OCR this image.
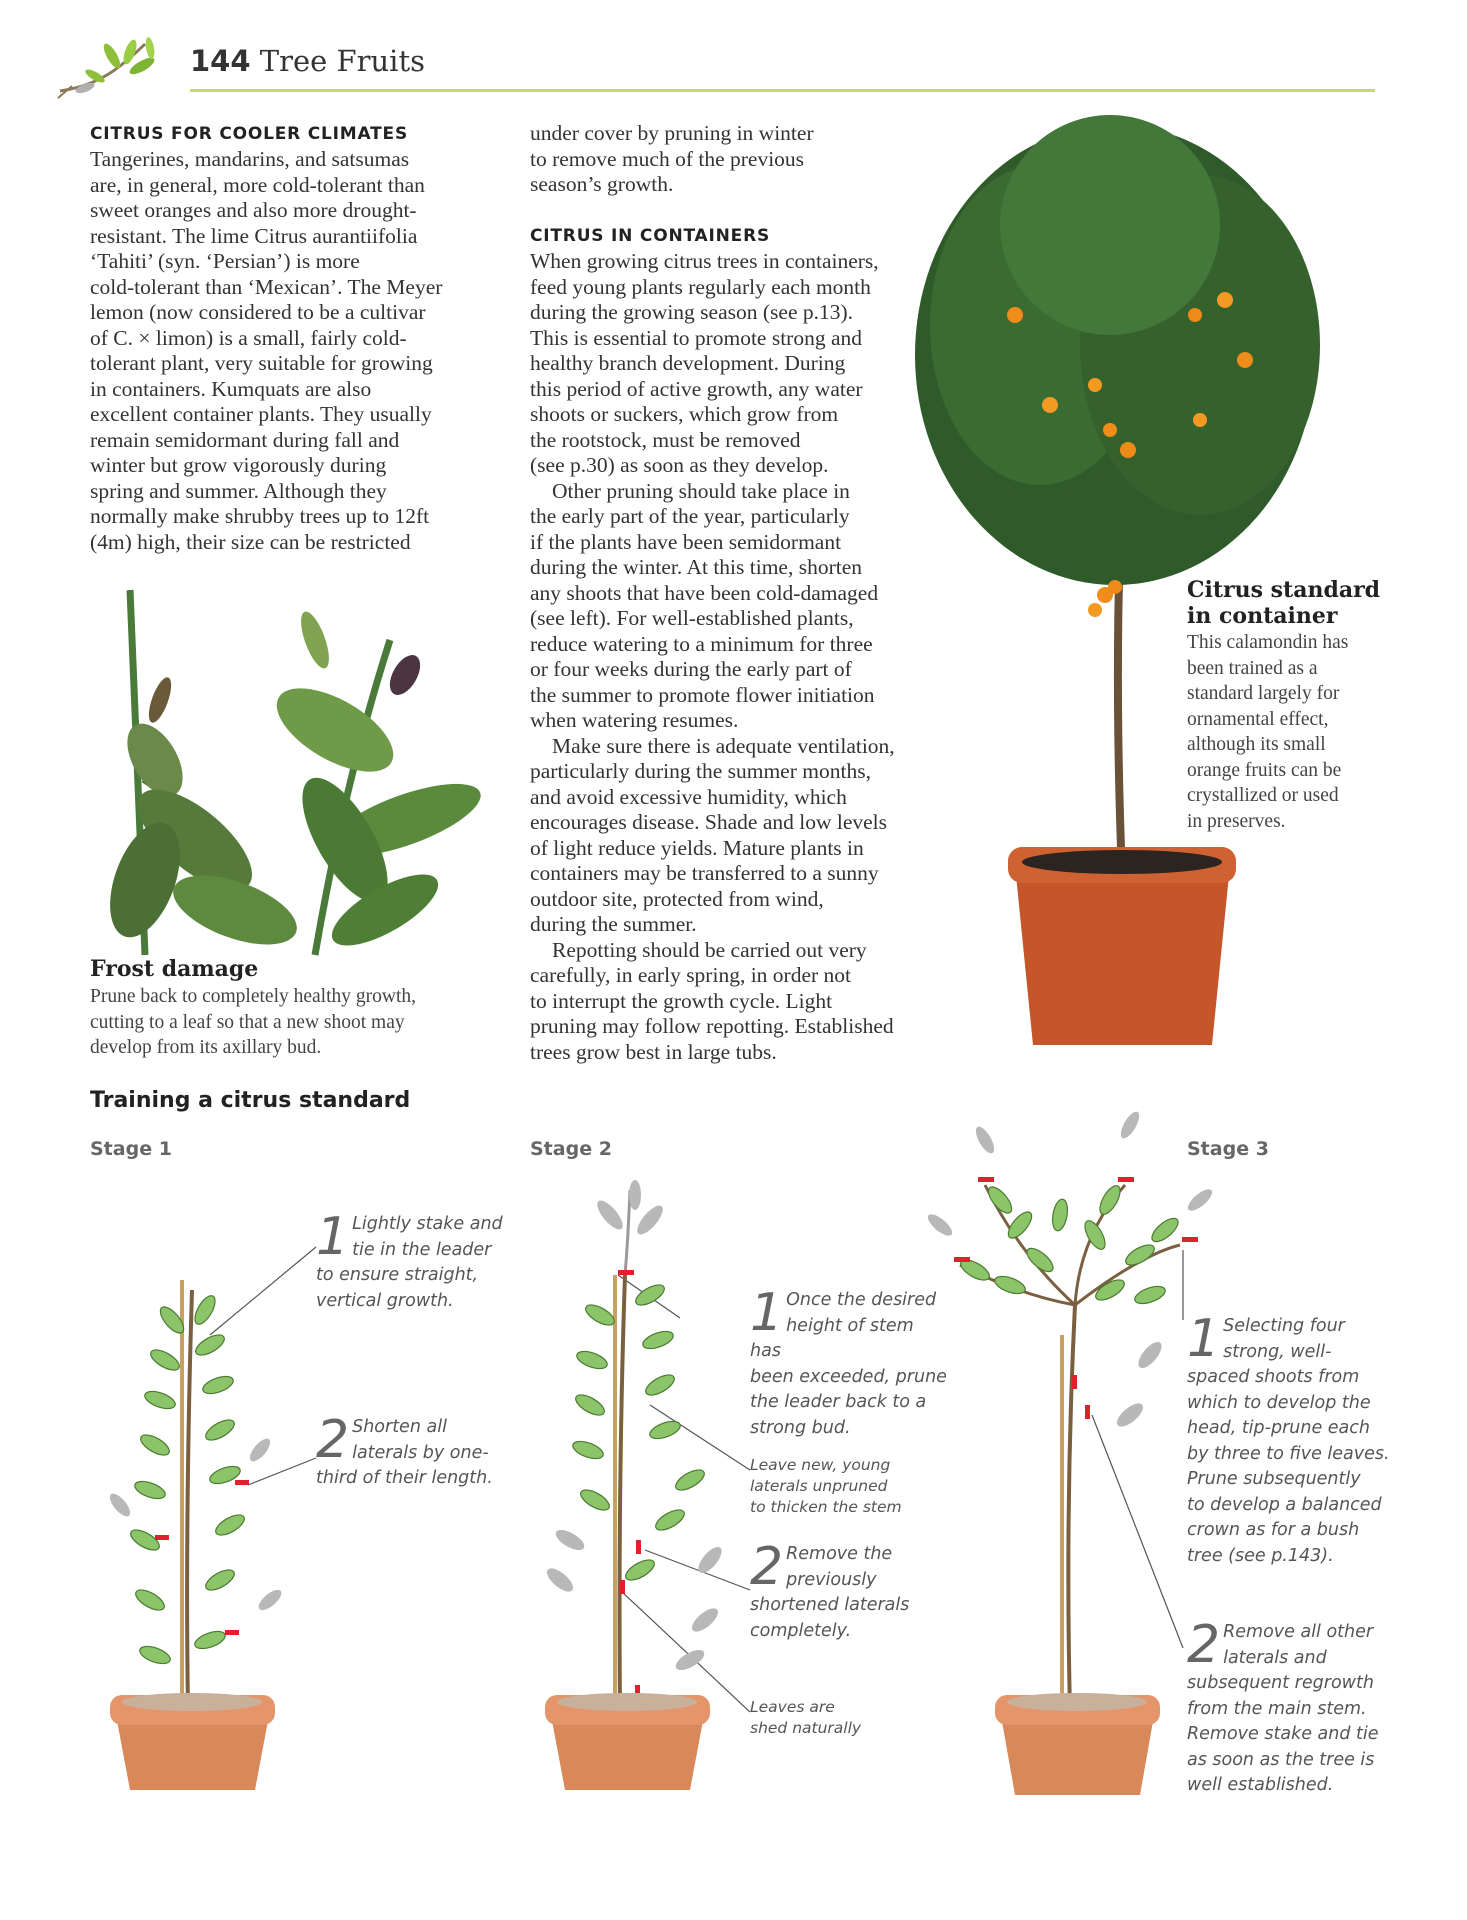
144 Tree Fruits
CITRUS FOR COOLER CLIMATES
Tangerines, mandarins, and satsumas
are, in general, more cold-tolerant than
sweet oranges and also more drought-
resistant. The lime Citrus aurantiifolia
‘Tahiti’ (syn. ‘Persian’) is more
cold-tolerant than ‘Mexican’. The Meyer
lemon (now considered to be a cultivar
of C. × limon) is a small, fairly cold-
tolerant plant, very suitable for growing
in containers. Kumquats are also
excellent container plants. They usually
remain semidormant during fall and
winter but grow vigorously during
spring and summer. Although they
normally make shrubby trees up to 12ft
(4m) high, their size can be restricted
Frost damage
Prune back to completely healthy growth,
cutting to a leaf so that a new shoot may
develop from its axillary bud.
under cover by pruning in winter
to remove much of the previous
season’s growth.
CITRUS IN CONTAINERS
When growing citrus trees in containers,
feed young plants regularly each month
during the growing season (see p.13).
This is essential to promote strong and
healthy branch development. During
this period of active growth, any water
shoots or suckers, which grow from
the rootstock, must be removed
(see p.30) as soon as they develop.
Other pruning should take place in
the early part of the year, particularly
if the plants have been semidormant
during the winter. At this time, shorten
any shoots that have been cold-damaged
(see left). For well-established plants,
reduce watering to a minimum for three
or four weeks during the early part of
the summer to promote flower initiation
when watering resumes.
Make sure there is adequate ventilation,
particularly during the summer months,
and avoid excessive humidity, which
encourages disease. Shade and low levels
of light reduce yields. Mature plants in
containers may be transferred to a sunny
outdoor site, protected from wind,
during the summer.
Repotting should be carried out very
carefully, in early spring, in order not
to interrupt the growth cycle. Light
pruning may follow repotting. Established
trees grow best in large tubs.
Citrus standard
in container
This calamondin has
been trained as a
standard largely for
ornamental effect,
although its small
orange fruits can be
crystallized or used
in preserves.
Training a citrus standard
Stage 1	Stage 2	Stage 3
1 Lightly stake and
tie in the leader
to ensure straight,
vertical growth.
2 Shorten all
laterals by one-
third of their length.
1 Once the desired
height of stem has
been exceeded, prune
the leader back to a
strong bud.
Leave new, young
laterals unpruned
to thicken the stem
2 Remove the
previously
shortened laterals
completely.
Leaves are
shed naturally
1 Selecting four
strong, well-
spaced shoots from
which to develop the
head, tip-prune each
by three to five leaves.
Prune subsequently
to develop a balanced
crown as for a bush
tree (see p.143).
2 Remove all other
laterals and
subsequent regrowth
from the main stem.
Remove stake and tie
as soon as the tree is
well established.
